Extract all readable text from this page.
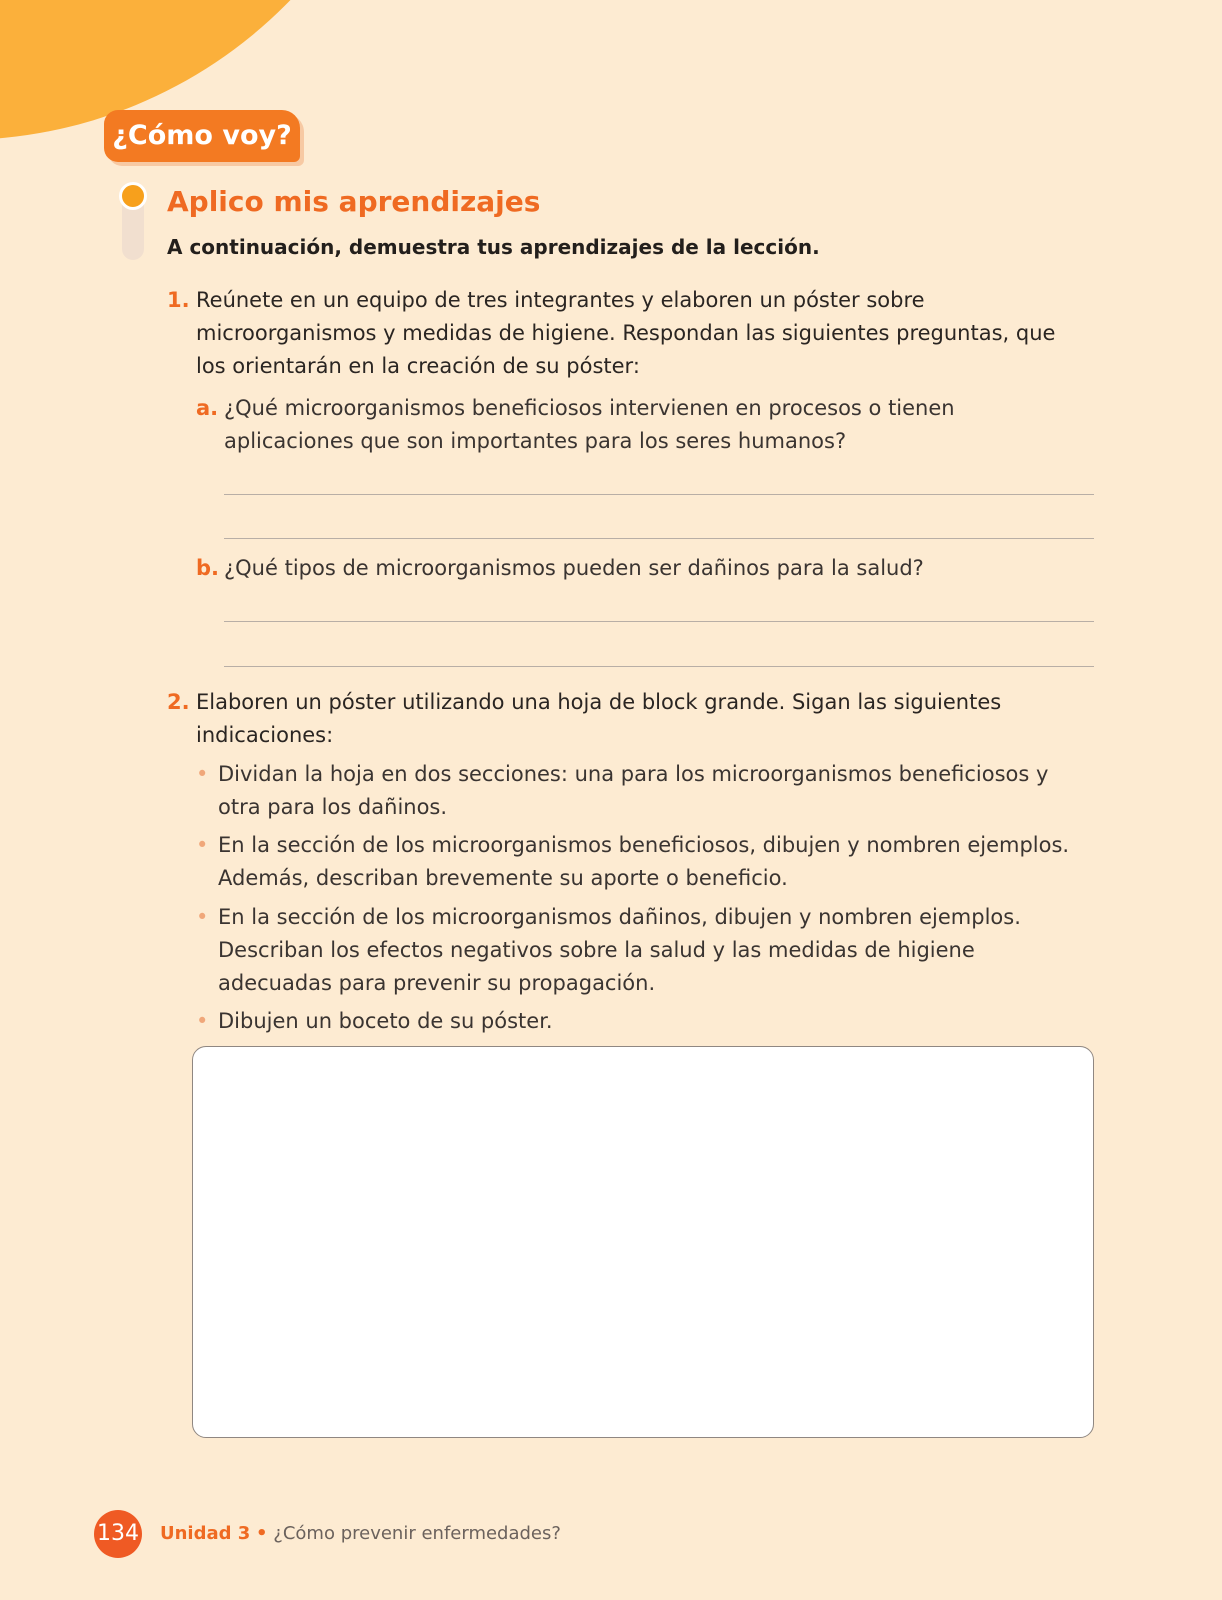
¿Cómo voy?
Aplico mis aprendizajes

A continuación, demuestra tus aprendizajes de la lección.

1. Reúnete en un equipo de tres integrantes y elaboren un póster sobre microorganismos y medidas de higiene. Respondan las siguientes preguntas, que los orientarán en la creación de su póster:

a. ¿Qué microorganismos beneficiosos intervienen en procesos o tienen aplicaciones que son importantes para los seres humanos?

b. ¿Qué tipos de microorganismos pueden ser dañinos para la salud?

2. Elaboren un póster utilizando una hoja de block grande. Sigan las siguientes indicaciones:

• Dividan la hoja en dos secciones: una para los microorganismos beneficiosos y otra para los dañinos.

• En la sección de los microorganismos beneficiosos, dibujen y nombren ejemplos. Además, describan brevemente su aporte o beneficio.

• En la sección de los microorganismos dañinos, dibujen y nombren ejemplos. Describan los efectos negativos sobre la salud y las medidas de higiene adecuadas para prevenir su propagación.

• Dibujen un boceto de su póster.

134 Unidad 3 • ¿Cómo prevenir enfermedades?
